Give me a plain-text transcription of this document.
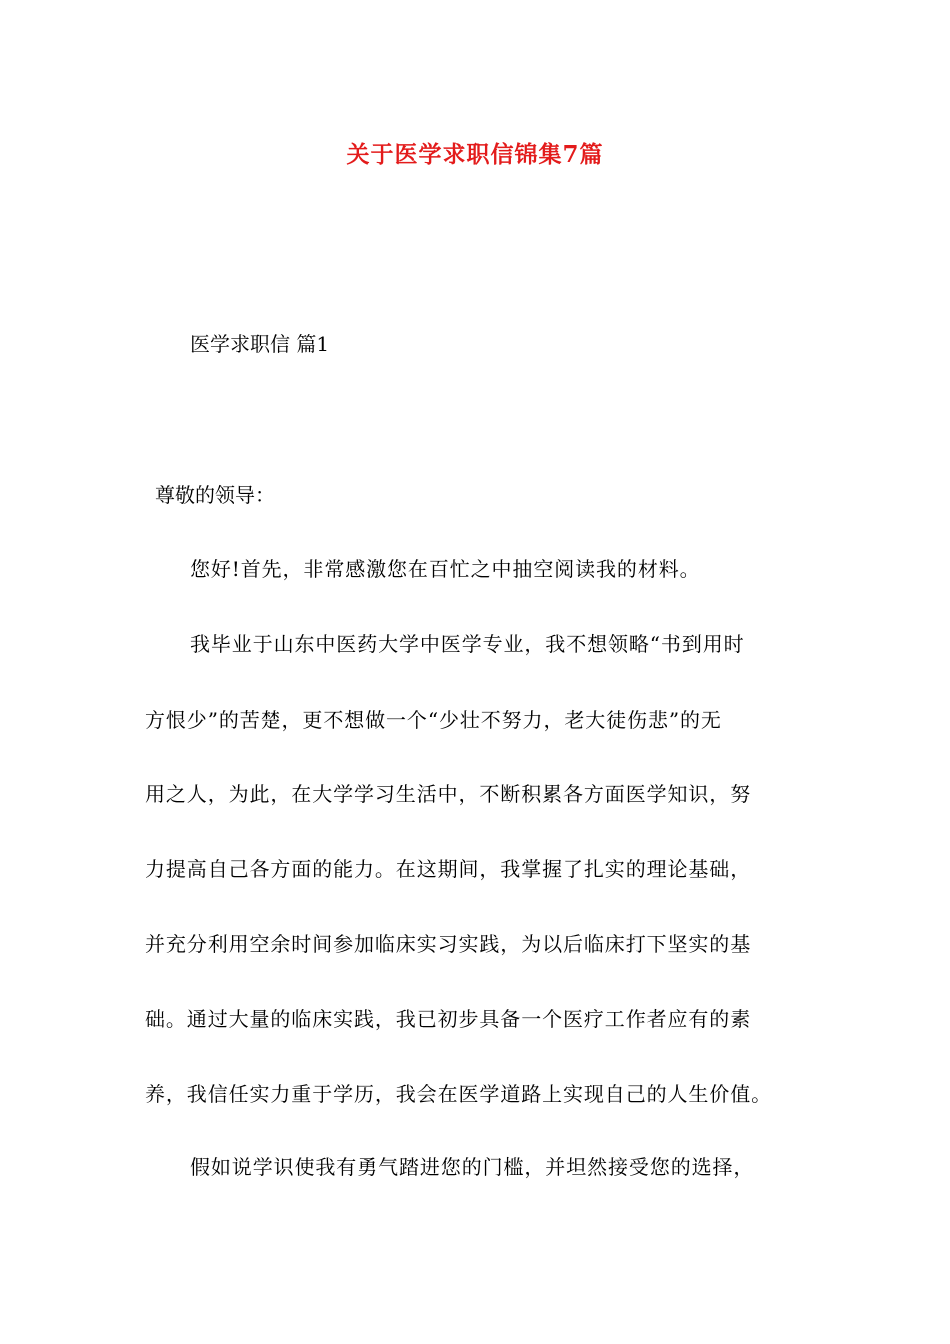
关于医学求职信锦集7篇
医学求职信 篇1
尊敬的领导：
您好!首先，非常感激您在百忙之中抽空阅读我的材料。
我毕业于山东中医药大学中医学专业，我不想领略“书到用时
方恨少”的苦楚，更不想做一个“少壮不努力，老大徒伤悲”的无
用之人，为此，在大学学习生活中，不断积累各方面医学知识，努
力提高自己各方面的能力。在这期间，我掌握了扎实的理论基础，
并充分利用空余时间参加临床实习实践，为以后临床打下坚实的基
础。通过大量的临床实践，我已初步具备一个医疗工作者应有的素
养，我信任实力重于学历，我会在医学道路上实现自己的人生价值。
假如说学识使我有勇气踏进您的门槛，并坦然接受您的选择，
